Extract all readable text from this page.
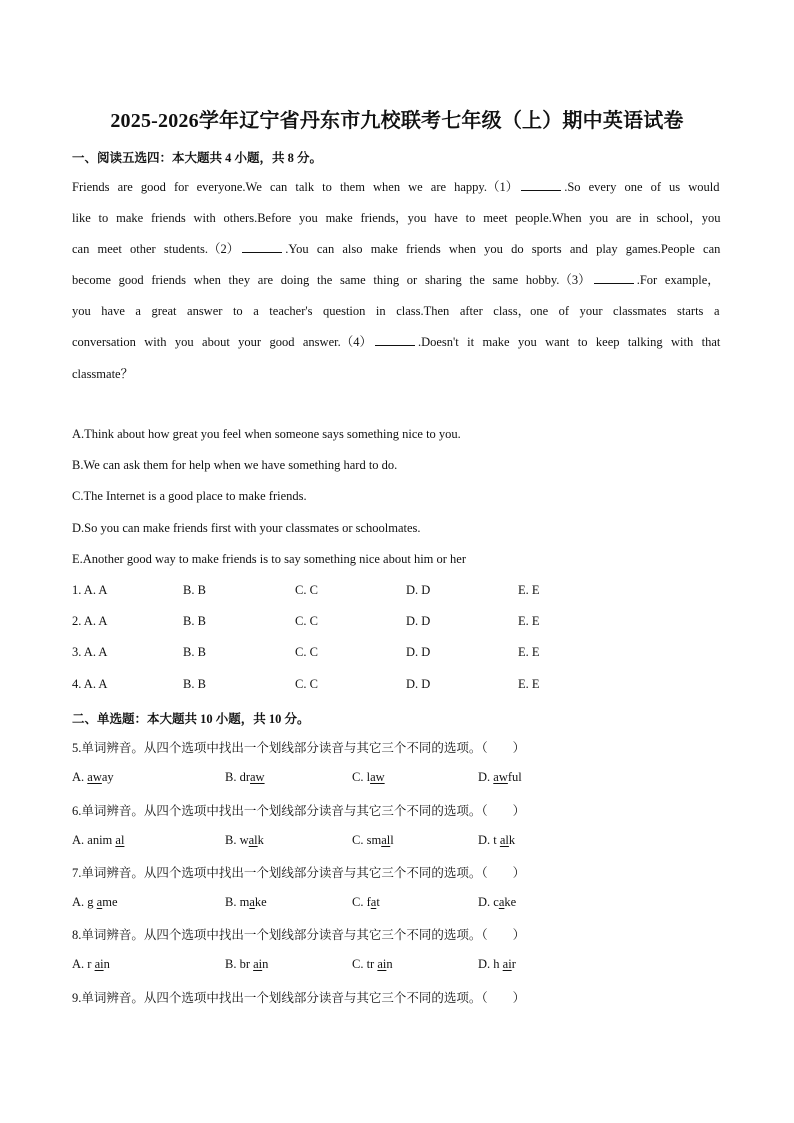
2025-2026学年辽宁省丹东市九校联考七年级（上）期中英语试卷
一、阅读五选四：本大题共 4 小题，共 8 分。
Friends are good for everyone.We can talk to them when we are happy.（1）	.So every one of us would
like to make friends with others.Before you make friends，you have to meet people.When you are in school，you
can meet other students.（2）	.You can also make friends when you do sports and play games.People can
become good friends when they are doing the same thing or sharing the same hobby.（3）	.For example，
you have a great answer to a teacher's question in class.Then after class，one of your classmates starts a
conversation with you about your good answer.（4）	.Doesn't it make you want to keep talking with that
classmate？
A.Think about how great you feel when someone says something nice to you.
B.We can ask them for help when we have something hard to do.
C.The Internet is a good place to make friends.
D.So you can make friends first with your classmates or schoolmates.
E.Another good way to make friends is to say something nice about him or her
1. A. A	B. B	C. C	D. D	E. E
2. A. A	B. B	C. C	D. D	E. E
3. A. A	B. B	C. C	D. D	E. E
4. A. A	B. B	C. C	D. D	E. E
二、单选题：本大题共 10 小题，共 10 分。
5.单词辨音。从四个选项中找出一个划线部分读音与其它三个不同的选项。（　　）
A. away	B. draw	C. law	D. awful
6.单词辨音。从四个选项中找出一个划线部分读音与其它三个不同的选项。（　　）
A. anim al	B. walk	C. small	D. t alk
7.单词辨音。从四个选项中找出一个划线部分读音与其它三个不同的选项。（　　）
A. g ame	B. make	C. fat	D. cake
8.单词辨音。从四个选项中找出一个划线部分读音与其它三个不同的选项。（　　）
A. r ain	B. br ain	C. tr ain	D. h air
9.单词辨音。从四个选项中找出一个划线部分读音与其它三个不同的选项。（　　）
